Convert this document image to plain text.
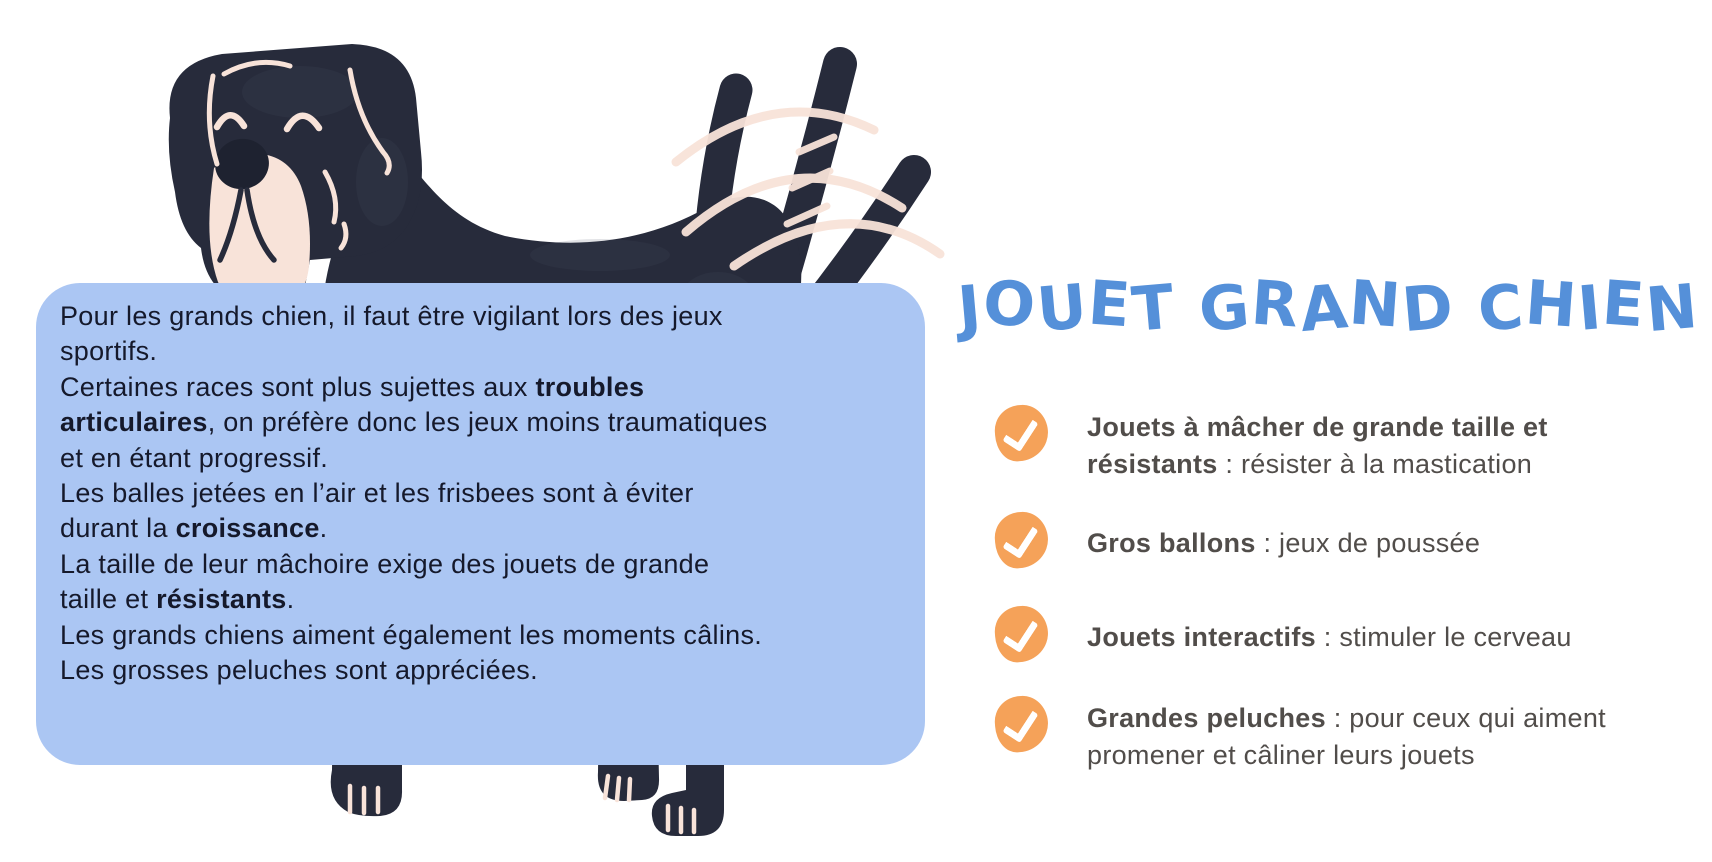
Pour les grands chien, il faut être vigilant lors des jeux
sportifs.
Certaines races sont plus sujettes aux troubles
articulaires, on préfère donc les jeux moins traumatiques
et en étant progressif.
Les balles jetées en l’air et les frisbees sont à éviter
durant la croissance.
La taille de leur mâchoire exige des jouets de grande
taille et résistants.
Les grands chiens aiment également les moments câlins.
Les grosses peluches sont appréciées.
JOUET GRAND CHIEN
Jouets à mâcher de grande taille et
résistants : résister à la mastication
Gros ballons : jeux de poussée
Jouets interactifs : stimuler le cerveau
Grandes peluches : pour ceux qui aiment
promener et câliner leurs jouets
